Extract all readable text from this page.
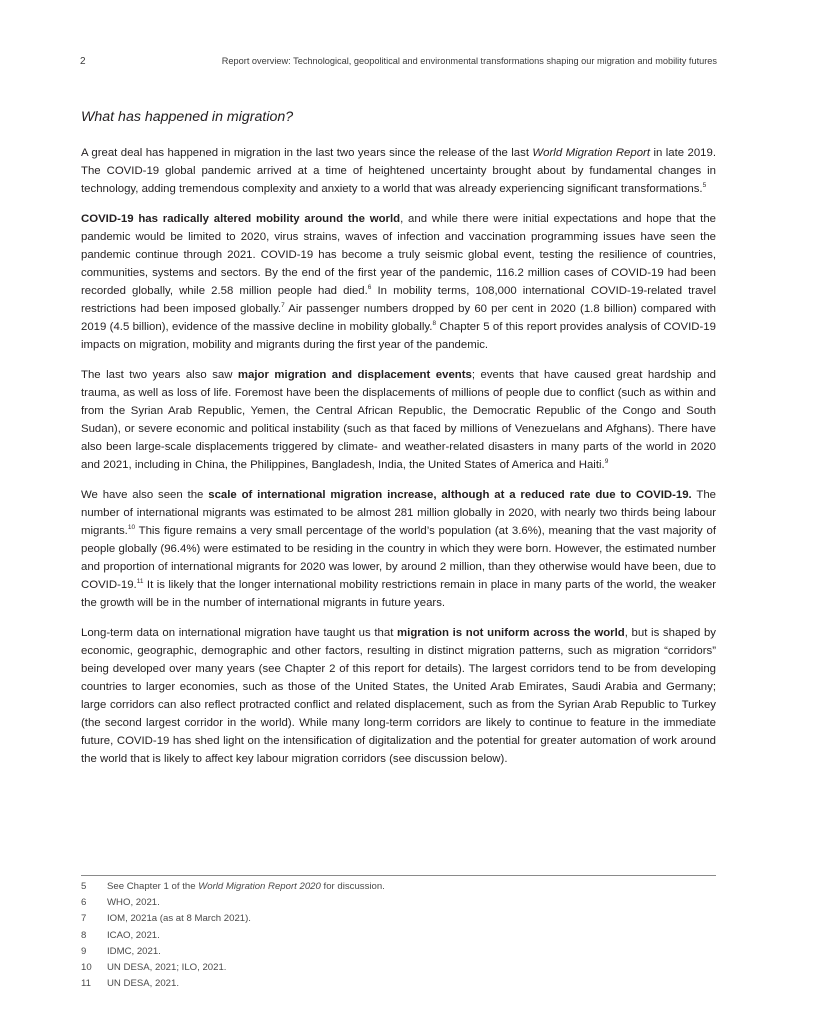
2	Report overview: Technological, geopolitical and environmental transformations shaping our migration and mobility futures
What has happened in migration?

A great deal has happened in migration in the last two years since the release of the last World Migration Report in late 2019. The COVID-19 global pandemic arrived at a time of heightened uncertainty brought about by fundamental changes in technology, adding tremendous complexity and anxiety to a world that was already experiencing significant transformations.$^5$

COVID-19 has radically altered mobility around the world, and while there were initial expectations and hope that the pandemic would be limited to 2020, virus strains, waves of infection and vaccination programming issues have seen the pandemic continue through 2021. COVID-19 has become a truly seismic global event, testing the resilience of countries, communities, systems and sectors. By the end of the first year of the pandemic, 116.2 million cases of COVID-19 had been recorded globally, while 2.58 million people had died.$^6$ In mobility terms, 108,000 international COVID-19-related travel restrictions had been imposed globally.$^7$ Air passenger numbers dropped by 60 per cent in 2020 (1.8 billion) compared with 2019 (4.5 billion), evidence of the massive decline in mobility globally.$^8$ Chapter 5 of this report provides analysis of COVID-19 impacts on migration, mobility and migrants during the first year of the pandemic.

The last two years also saw major migration and displacement events; events that have caused great hardship and trauma, as well as loss of life. Foremost have been the displacements of millions of people due to conflict (such as within and from the Syrian Arab Republic, Yemen, the Central African Republic, the Democratic Republic of the Congo and South Sudan), or severe economic and political instability (such as that faced by millions of Venezuelans and Afghans). There have also been large-scale displacements triggered by climate- and weather-related disasters in many parts of the world in 2020 and 2021, including in China, the Philippines, Bangladesh, India, the United States of America and Haiti.$^9$

We have also seen the scale of international migration increase, although at a reduced rate due to COVID-19. The number of international migrants was estimated to be almost 281 million globally in 2020, with nearly two thirds being labour migrants.$^{10}$ This figure remains a very small percentage of the world’s population (at 3.6%), meaning that the vast majority of people globally (96.4%) were estimated to be residing in the country in which they were born. However, the estimated number and proportion of international migrants for 2020 was lower, by around 2 million, than they otherwise would have been, due to COVID-19.11 It is likely that the longer international mobility restrictions remain in place in many parts of the world, the weaker the growth will be in the number of international migrants in future years.

Long-term data on international migration have taught us that migration is not uniform across the world, but is shaped by economic, geographic, demographic and other factors, resulting in distinct migration patterns, such as migration “corridors” being developed over many years (see Chapter 2 of this report for details). The largest corridors tend to be from developing countries to larger economies, such as those of the United States, the United Arab Emirates, Saudi Arabia and Germany; large corridors can also reflect protracted conflict and related displacement, such as from the Syrian Arab Republic to Turkey (the second largest corridor in the world). While many long-term corridors are likely to continue to feature in the immediate future, COVID-19 has shed light on the intensification of digitalization and the potential for greater automation of work around the world that is likely to affect key labour migration corridors (see discussion below).

5	See Chapter 1 of the World Migration Report 2020 for discussion.
6	WHO, 2021.
7	IOM, 2021a (as at 8 March 2021).
8	ICAO, 2021.
9	IDMC, 2021.
10	UN DESA, 2021; ILO, 2021.
11	UN DESA, 2021.
